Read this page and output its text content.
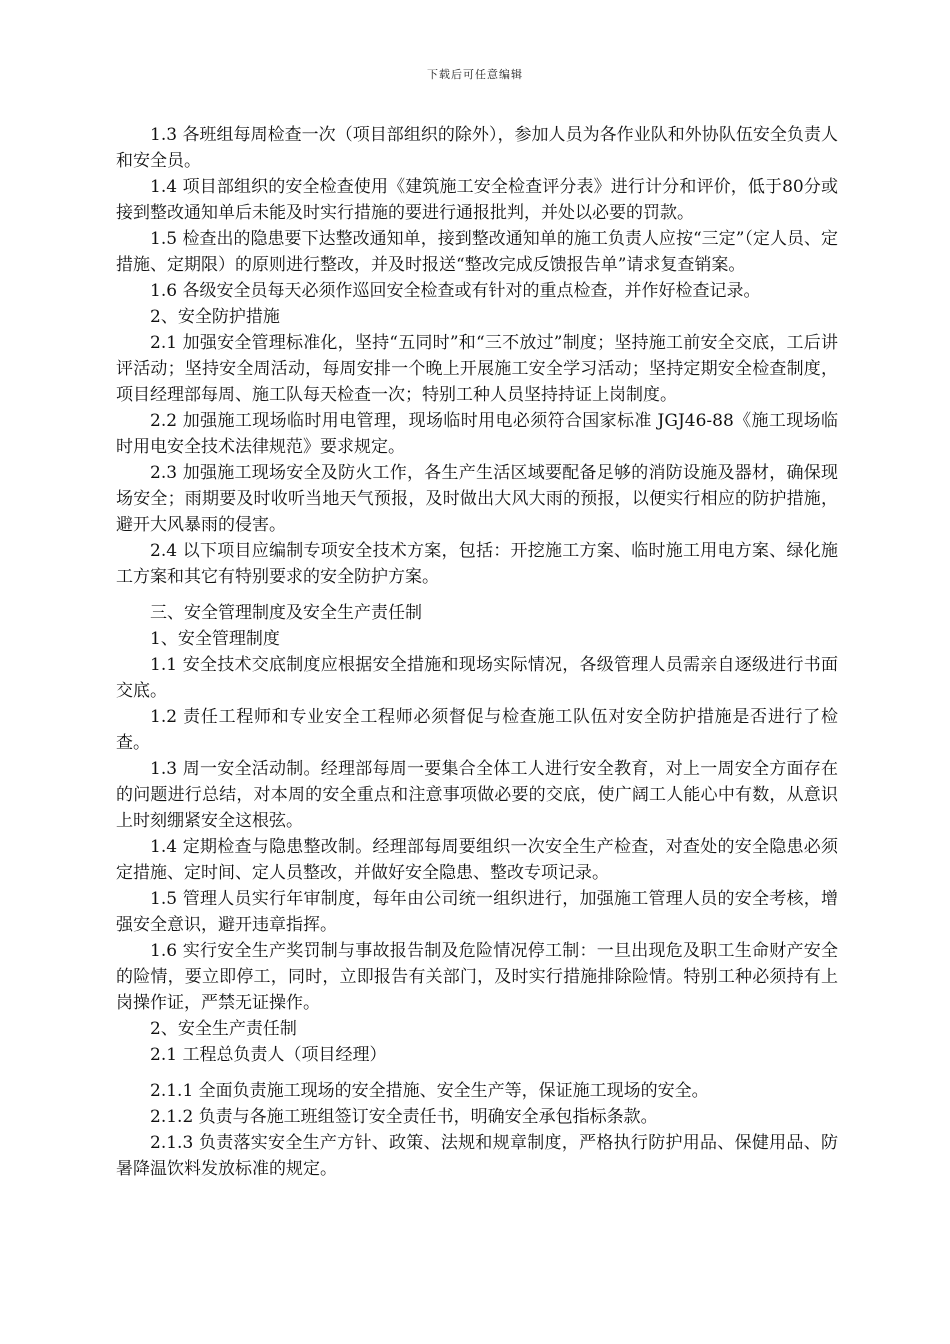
下载后可任意编辑

1.3 各班组每周检查一次（项目部组织的除外），参加人员为各作业队和外协队伍安全负责人和安全员。

1.4 项目部组织的安全检查使用《建筑施工安全检查评分表》进行计分和评价，低于80分或接到整改通知单后未能及时实行措施的要进行通报批判，并处以必要的罚款。

1.5 检查出的隐患要下达整改通知单，接到整改通知单的施工负责人应按“三定”（定人员、定措施、定期限）的原则进行整改，并及时报送“整改完成反馈报告单”请求复查销案。

1.6 各级安全员每天必须作巡回安全检查或有针对的重点检查，并作好检查记录。

2、安全防护措施

2.1 加强安全管理标准化，坚持“五同时”和“三不放过”制度；坚持施工前安全交底，工后讲评活动；坚持安全周活动，每周安排一个晚上开展施工安全学习活动；坚持定期安全检查制度，项目经理部每周、施工队每天检查一次；特别工种人员坚持持证上岗制度。

2.2 加强施工现场临时用电管理，现场临时用电必须符合国家标准 JGJ46-88《施工现场临时用电安全技术法律规范》要求规定。

2.3 加强施工现场安全及防火工作，各生产生活区域要配备足够的消防设施及器材，确保现场安全；雨期要及时收听当地天气预报，及时做出大风大雨的预报，以便实行相应的防护措施，避开大风暴雨的侵害。

2.4 以下项目应编制专项安全技术方案，包括：开挖施工方案、临时施工用电方案、绿化施工方案和其它有特别要求的安全防护方案。

三、安全管理制度及安全生产责任制

1、安全管理制度

1.1 安全技术交底制度应根据安全措施和现场实际情况，各级管理人员需亲自逐级进行书面交底。

1.2 责任工程师和专业安全工程师必须督促与检查施工队伍对安全防护措施是否进行了检查。

1.3 周一安全活动制。经理部每周一要集合全体工人进行安全教育，对上一周安全方面存在的问题进行总结，对本周的安全重点和注意事项做必要的交底，使广阔工人能心中有数，从意识上时刻绷紧安全这根弦。

1.4 定期检查与隐患整改制。经理部每周要组织一次安全生产检查，对查处的安全隐患必须定措施、定时间、定人员整改，并做好安全隐患、整改专项记录。

1.5 管理人员实行年审制度，每年由公司统一组织进行，加强施工管理人员的安全考核，增强安全意识，避开违章指挥。

1.6 实行安全生产奖罚制与事故报告制及危险情况停工制：一旦出现危及职工生命财产安全的险情，要立即停工，同时，立即报告有关部门，及时实行措施排除险情。特别工种必须持有上岗操作证，严禁无证操作。

2、安全生产责任制

2.1 工程总负责人（项目经理）

2.1.1 全面负责施工现场的安全措施、安全生产等，保证施工现场的安全。

2.1.2 负责与各施工班组签订安全责任书，明确安全承包指标条款。

2.1.3 负责落实安全生产方针、政策、法规和规章制度，严格执行防护用品、保健用品、防暑降温饮料发放标准的规定。
